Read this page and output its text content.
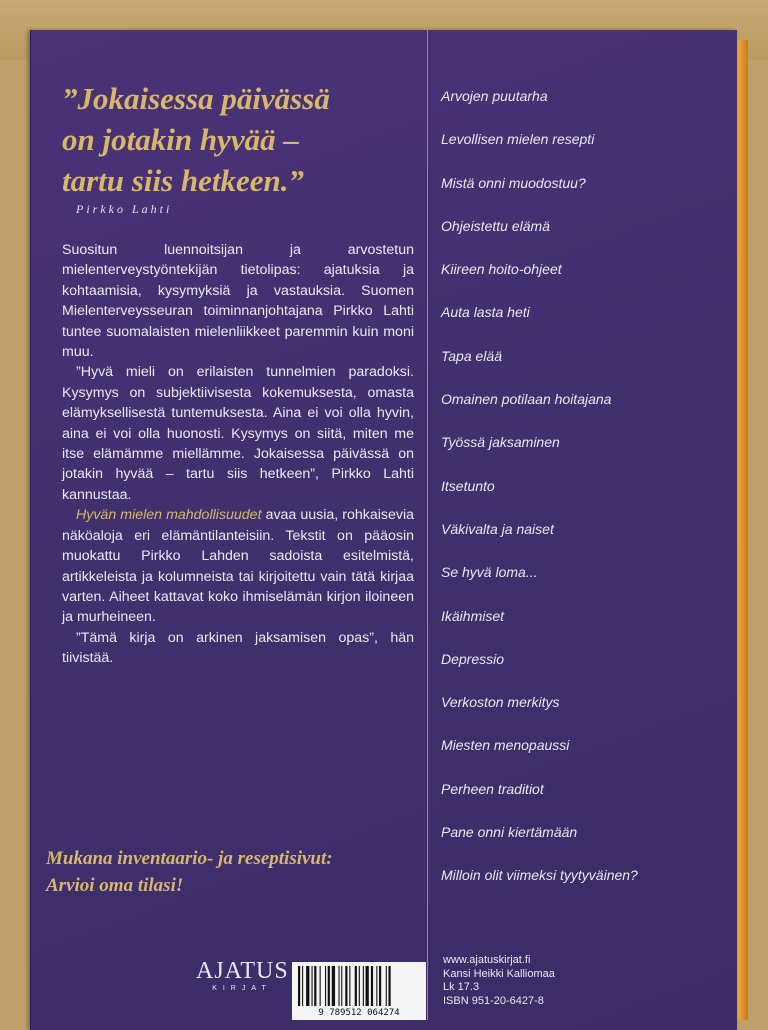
”Jokaisessa päivässä
on jotakin hyvää –
tartu siis hetkeen.”
Pirkko Lahti

Suositun luennoitsijan ja arvostetun mielenterveystyöntekijän tietolipas: ajatuksia ja kohtaamisia, kysymyksiä ja vastauksia. Suomen Mielenterveysseuran toiminnanjohtajana Pirkko Lahti tuntee suomalaisten mielenliikkeet paremmin kuin moni muu.

”Hyvä mieli on erilaisten tunnelmien paradoksi. Kysymys on subjektiivisesta kokemuksesta, omasta elämyksellisestä tuntemuksesta. Aina ei voi olla hyvin, aina ei voi olla huonosti. Kysymys on siitä, miten me itse elämämme miellämme. Jokaisessa päivässä on jotakin hyvää – tartu siis hetkeen”, Pirkko Lahti kannustaa.

Hyvän mielen mahdollisuudet avaa uusia, rohkaisevia näköaloja eri elämäntilanteisiin. Tekstit on pääosin muokattu Pirkko Lahden sadoista esitelmistä, artikkeleista ja kolumneista tai kirjoitettu vain tätä kirjaa varten. Aiheet kattavat koko ihmiselämän kirjon iloineen ja murheineen.

”Tämä kirja on arkinen jaksamisen opas”, hän tiivistää.

Mukana inventaario- ja reseptisivut:
Arvioi oma tilasi!
Arvojen puutarha
Levollisen mielen resepti
Mistä onni muodostuu?
Ohjeistettu elämä
Kiireen hoito-ohjeet
Auta lasta heti
Tapa elää
Omainen potilaan hoitajana
Työssä jaksaminen
Itsetunto
Väkivalta ja naiset
Se hyvä loma...
Ikäihmiset
Depressio
Verkoston merkitys
Miesten menopaussi
Perheen traditiot
Pane onni kiertämään
Milloin olit viimeksi tyytyväinen?
AJATUS
KIRJAT
9 789512 064274
www.ajatuskirjat.fi
Kansi Heikki Kalliomaa
Lk 17.3
ISBN 951-20-6427-8
